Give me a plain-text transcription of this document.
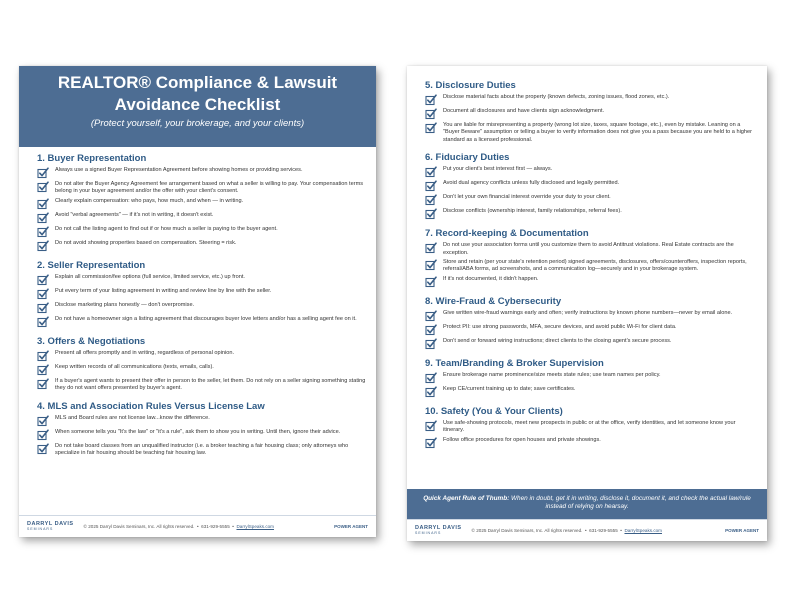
REALTOR® Compliance & Lawsuit
Avoidance Checklist
(Protect yourself, your brokerage, and your clients)
1. Buyer Representation
Always use a signed Buyer Representation Agreement before showing homes or providing services.
Do not alter the Buyer Agency Agreement fee arrangement based on what a seller is willing to pay. Your compensation terms belong in your buyer agreement and/or the offer with your client's consent.
Clearly explain compensation: who pays, how much, and when — in writing.
Avoid "verbal agreements" — if it's not in writing, it doesn't exist.
Do not call the listing agent to find out if or how much a seller is paying to the buyer agent.
Do not avoid showing properties based on compensation. Steering = risk.
2. Seller Representation
Explain all commission/fee options (full service, limited service, etc.) up front.
Put every term of your listing agreement in writing and review line by line with the seller.
Disclose marketing plans honestly — don't overpromise.
Do not have a homeowner sign a listing agreement that discourages buyer love letters and/or has a selling agent fee on it.
3. Offers & Negotiations
Present all offers promptly and in writing, regardless of personal opinion.
Keep written records of all communications (texts, emails, calls).
If a buyer's agent wants to present their offer in person to the seller, let them. Do not rely on a seller signing something stating they do not want offers presented by buyer's agent.
4. MLS and Association Rules Versus License Law
MLS and Board rules are not license law...know the difference.
When someone tells you "It's the law" or "it's a rule", ask them to show you in writing. Until then, ignore their advice.
Do not take board classes from an unqualified instructor (i.e. a broker teaching a fair housing class; only attorneys who specialize in fair housing should be teaching fair housing law.
DARRYL DAVIS
SEMINARS	© 2025 Darryl Davis Seminars, Inc. All rights reserved.  •  631-929-5555  •  DarrylSpeaks.com	POWER AGENT
5. Disclosure Duties
Disclose material facts about the property (known defects, zoning issues, flood zones, etc.).
Document all disclosures and have clients sign acknowledgment.
You are liable for misrepresenting a property (wrong lot size, taxes, square footage, etc.), even by mistake. Leaning on a "Buyer Beware" assumption or telling a buyer to verify information does not give you a pass because you are held to a higher standard as a licensed professional.
6. Fiduciary Duties
Put your client's best interest first — always.
Avoid dual agency conflicts unless fully disclosed and legally permitted.
Don't let your own financial interest override your duty to your client.
Disclose conflicts (ownership interest, family relationships, referral fees).
7. Record-keeping & Documentation
Do not use your association forms until you customize them to avoid Antitrust violations. Real Estate contracts are the exception.
Store and retain (per your state's retention period) signed agreements, disclosures, offers/counteroffers, inspection reports, referral/ABA forms, ad screenshots, and a communication log—securely and in your brokerage system.
If it's not documented, it didn't happen.
8. Wire-Fraud & Cybersecurity
Give written wire-fraud warnings early and often; verify instructions by known phone numbers—never by email alone.
Protect PII: use strong passwords, MFA, secure devices, and avoid public Wi-Fi for client data.
Don't send or forward wiring instructions; direct clients to the closing agent's secure process.
9. Team/Branding & Broker Supervision
Ensure brokerage name prominence/size meets state rules; use team names per policy.
Keep CE/current training up to date; save certificates.
10. Safety (You & Your Clients)
Use safe-showing protocols, meet new prospects in public or at the office, verify identities, and let someone know your itinerary.
Follow office procedures for open houses and private showings.
Quick Agent Rule of Thumb: When in doubt, get it in writing, disclose it, document it, and check the actual law/rule instead of relying on hearsay.
DARRYL DAVIS
SEMINARS	© 2025 Darryl Davis Seminars, Inc. All rights reserved.  •  631-929-5555  •  DarrylSpeaks.com	POWER AGENT
